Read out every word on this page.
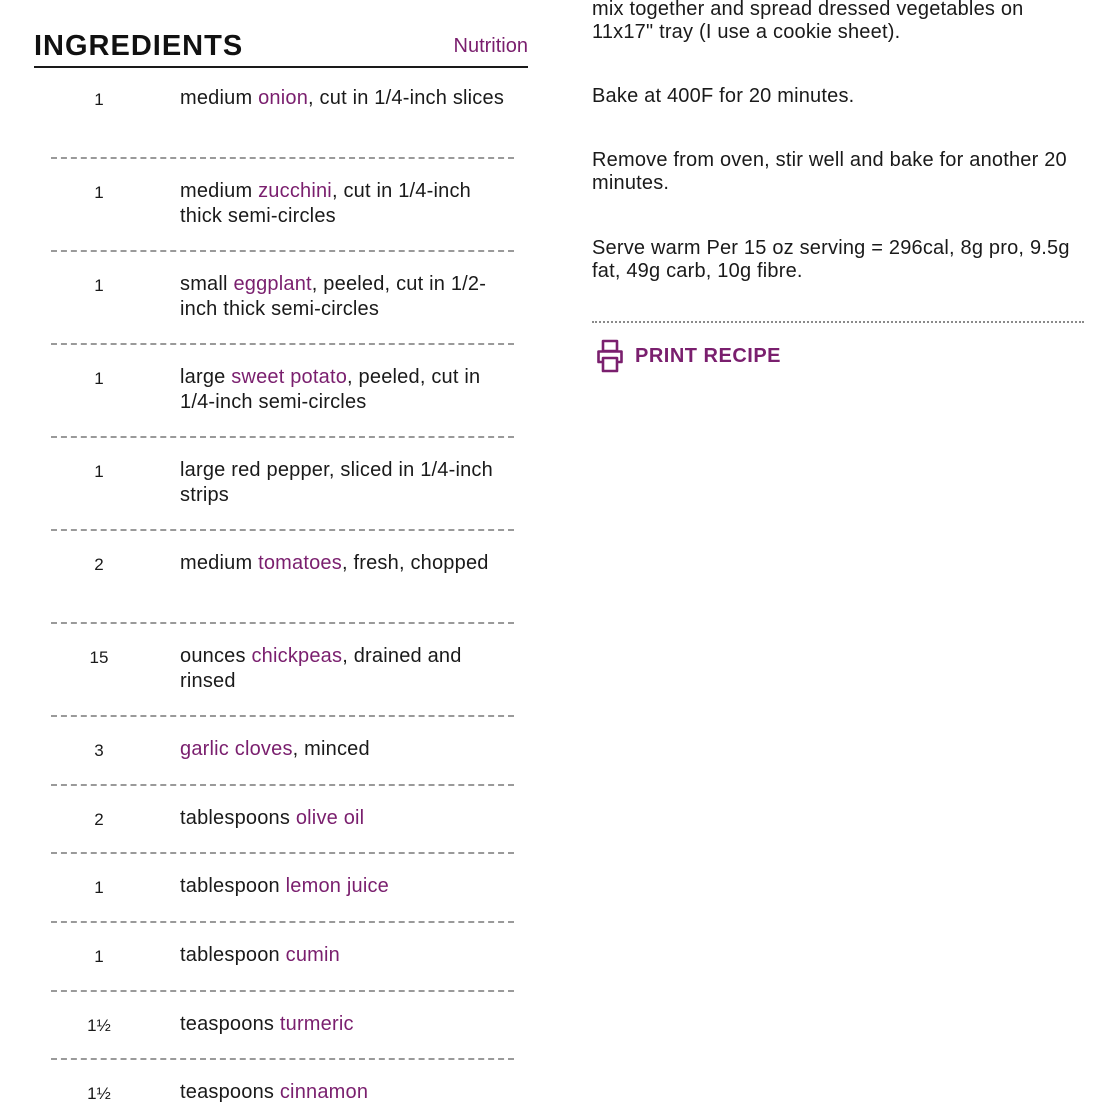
INGREDIENTS	Nutrition
1	medium onion, cut in 1/4-inch slices
1	medium zucchini, cut in 1/4-inch thick semi-circles
1	small eggplant, peeled, cut in 1/2-inch thick semi-circles
1	large sweet potato, peeled, cut in 1/4-inch semi-circles
1	large red pepper, sliced in 1/4-inch strips
2	medium tomatoes, fresh, chopped
15	ounces chickpeas, drained and rinsed
3	garlic cloves, minced
2	tablespoons olive oil
1	tablespoon lemon juice
1	tablespoon cumin
1½	teaspoons turmeric
1½	teaspoons cinnamon
mix together and spread dressed vegetables on 11x17" tray (I use a cookie sheet).
Bake at 400F for 20 minutes.
Remove from oven, stir well and bake for another 20 minutes.
Serve warm Per 15 oz serving = 296cal, 8g pro, 9.5g fat, 49g carb, 10g fibre.
PRINT RECIPE
